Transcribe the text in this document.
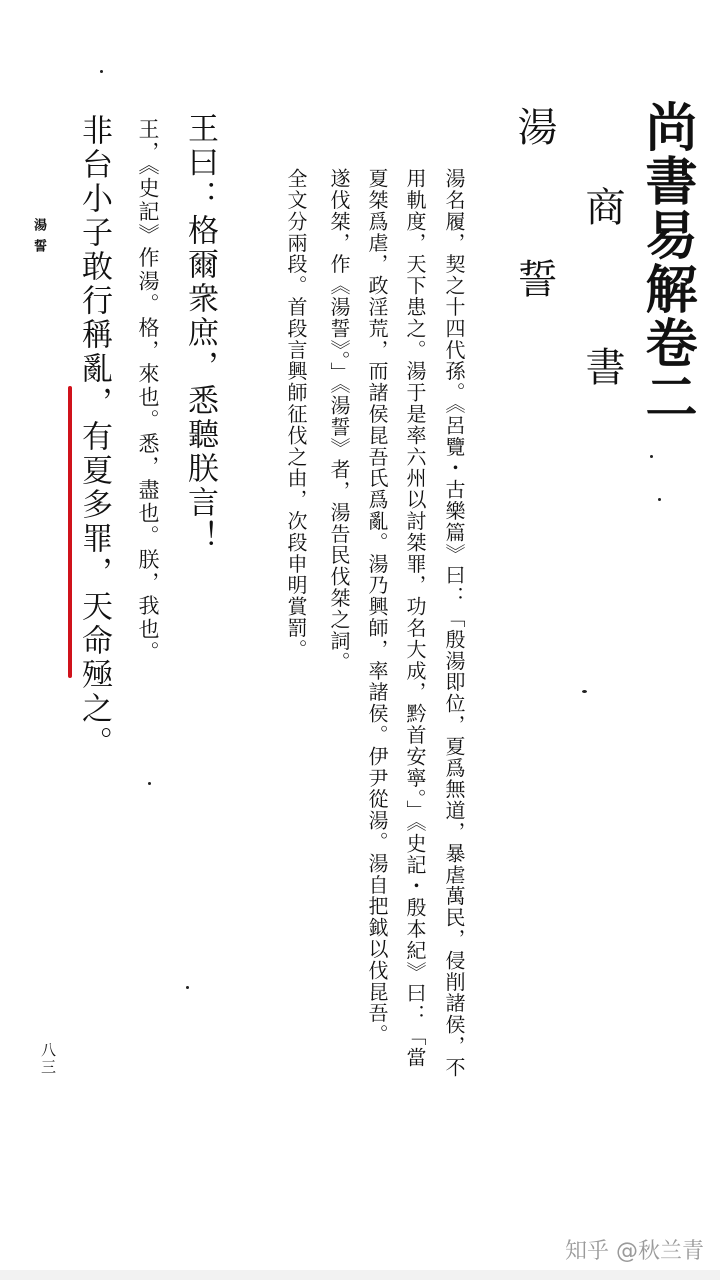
尚書易解卷二
商　書
湯　誓
湯名履，契之十四代孫。《呂覽・古樂篇》曰：「殷湯即位，夏爲無道，暴虐萬民，侵削諸侯，不
用軌度，天下患之。湯于是率六州以討桀罪，功名大成，黔首安寧。」《史記・殷本紀》曰：「當
夏桀爲虐，政淫荒，而諸侯昆吾氏爲亂。湯乃興師，率諸侯。伊尹從湯。湯自把鉞以伐昆吾。
遂伐桀，作《湯誓》。」《湯誓》者，湯告民伐桀之詞。
全文分兩段。首段言興師征伐之由，次段申明賞罰。
王曰：格爾衆庶，悉聽朕言！
王，《史記》作湯。格，來也。悉，盡也。朕，我也。
非台小子敢行稱亂，有夏多罪，天命殛之。
湯誓
八三
知乎 @秋兰青
